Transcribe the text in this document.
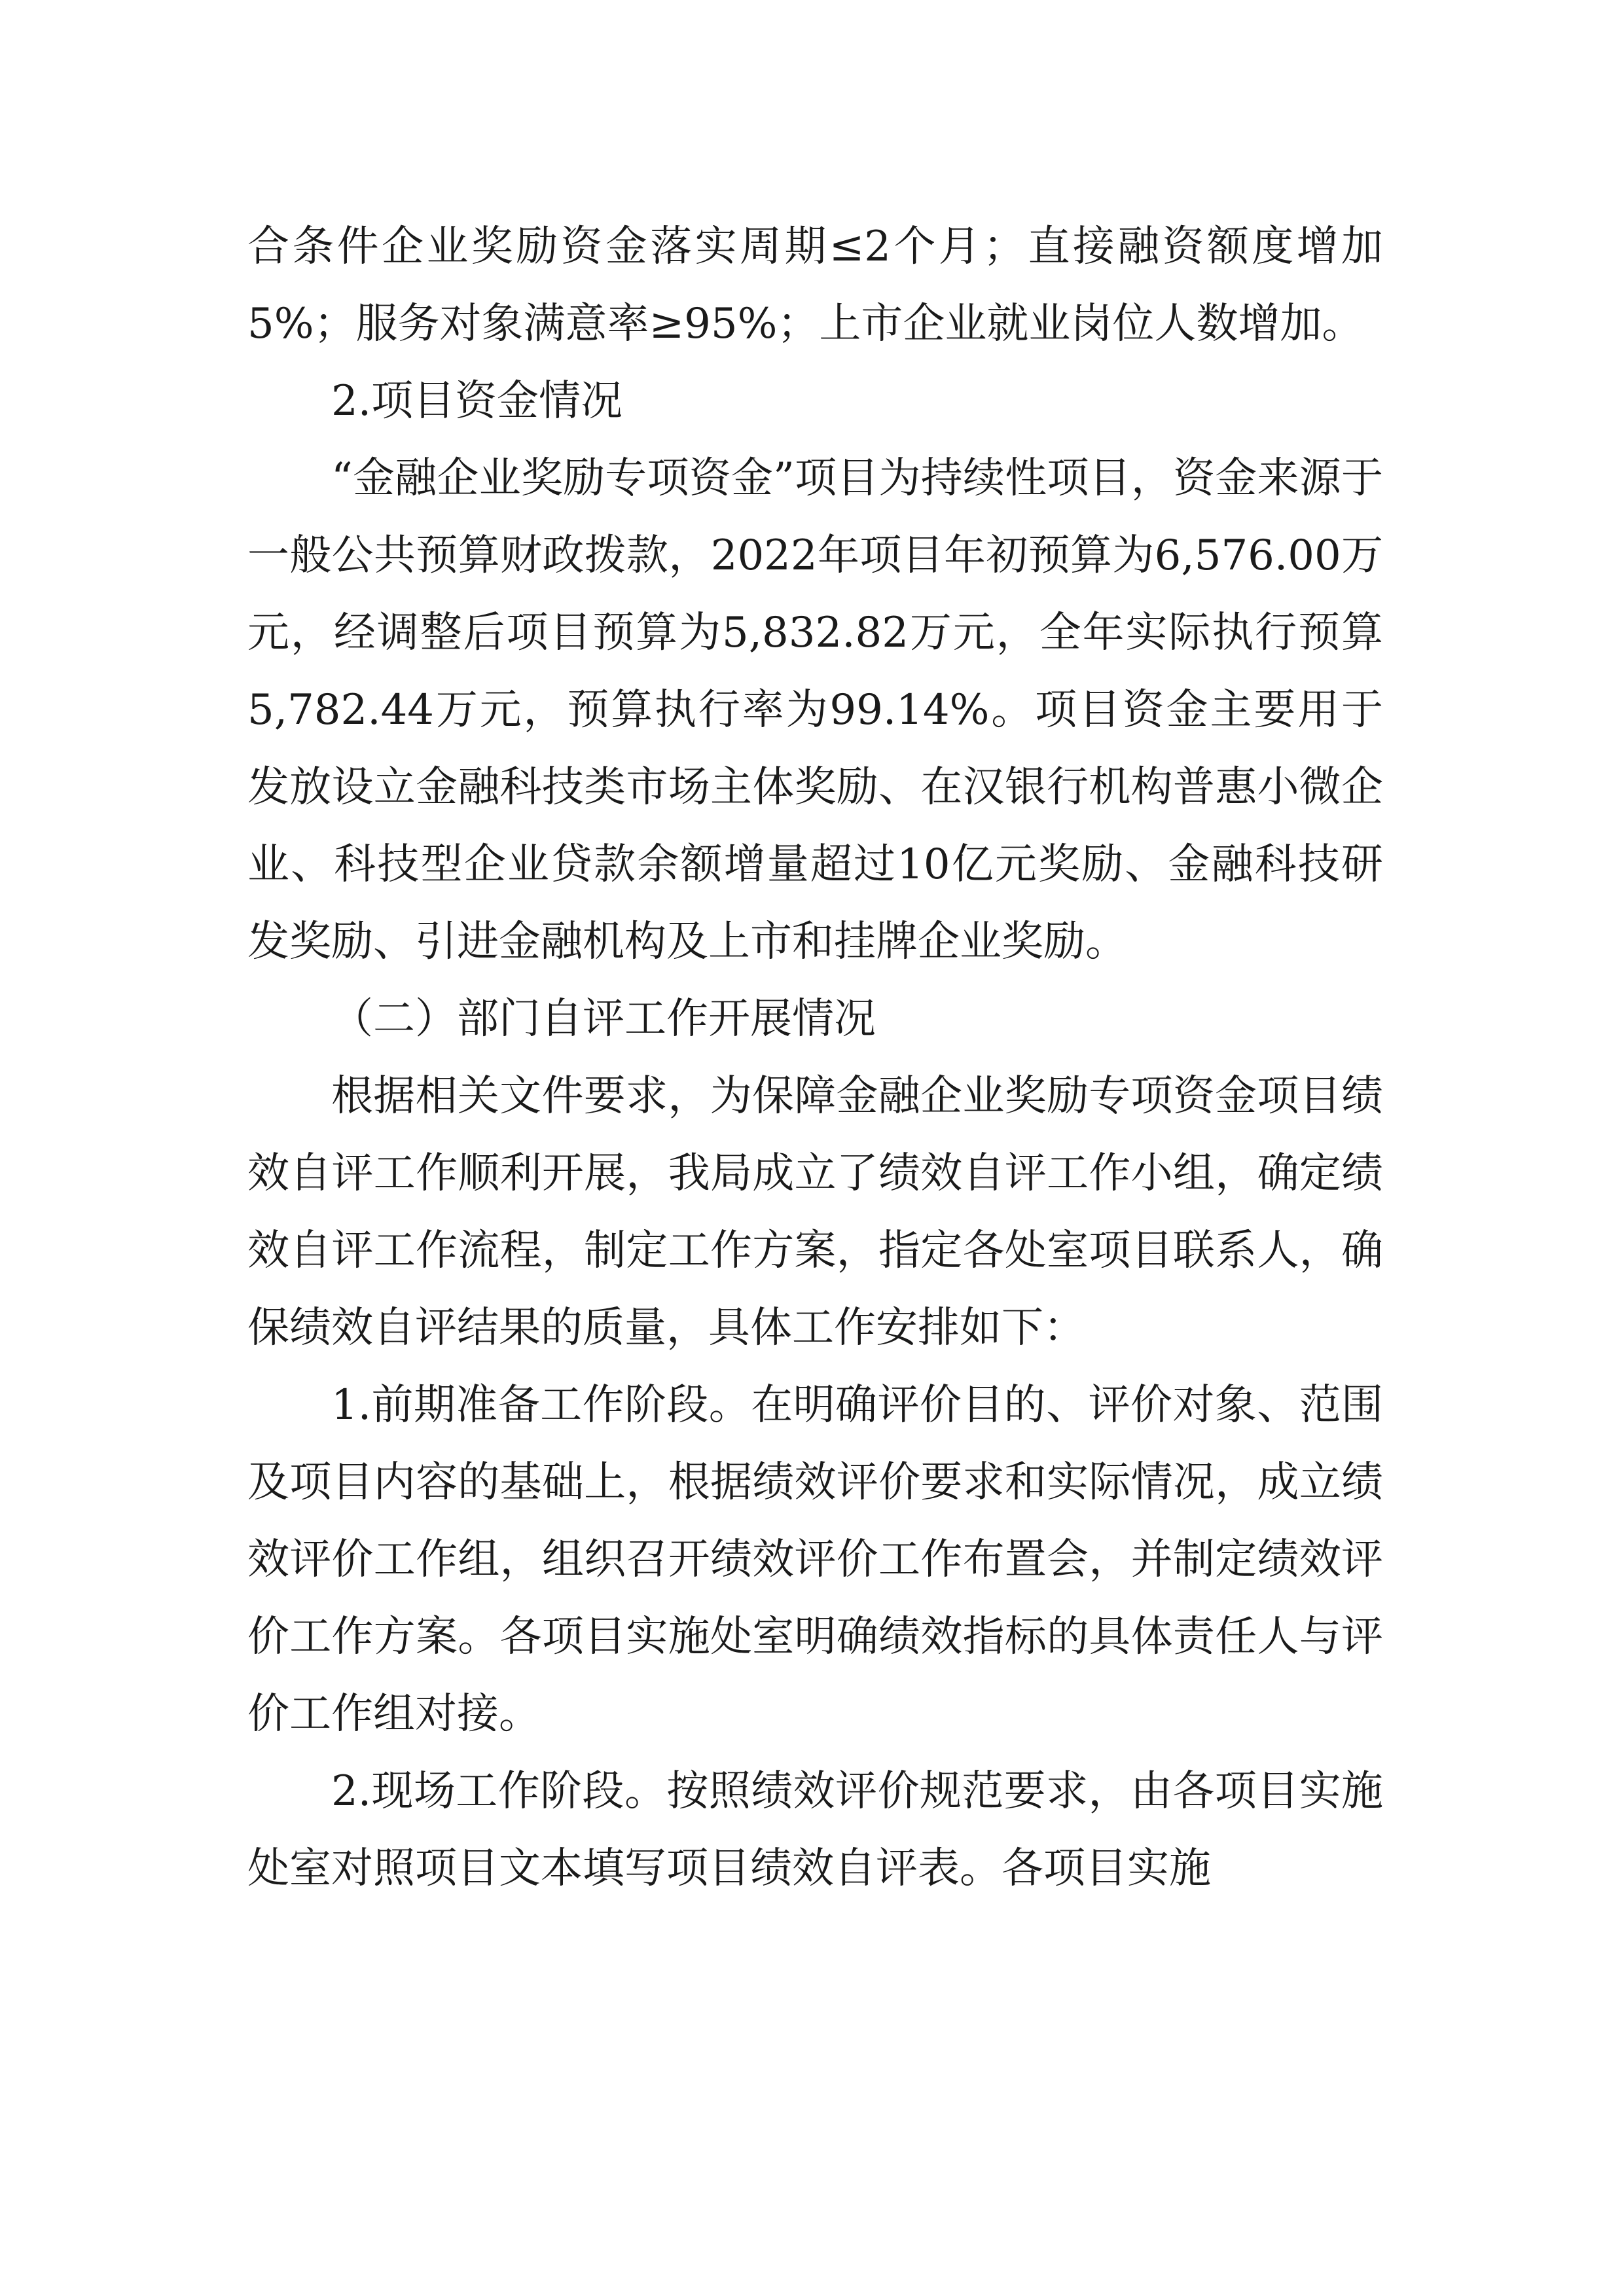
合条件企业奖励资金落实周期≤2个月；直接融资额度增加5%；服务对象满意率≥95%；上市企业就业岗位人数增加。

2.项目资金情况

“金融企业奖励专项资金”项目为持续性项目，资金来源于一般公共预算财政拨款，2022年项目年初预算为6,576.00万元，经调整后项目预算为5,832.82万元，全年实际执行预算5,782.44万元，预算执行率为99.14%。项目资金主要用于发放设立金融科技类市场主体奖励、在汉银行机构普惠小微企业、科技型企业贷款余额增量超过10亿元奖励、金融科技研发奖励、引进金融机构及上市和挂牌企业奖励。

（二）部门自评工作开展情况

根据相关文件要求，为保障金融企业奖励专项资金项目绩效自评工作顺利开展，我局成立了绩效自评工作小组，确定绩效自评工作流程，制定工作方案，指定各处室项目联系人，确保绩效自评结果的质量，具体工作安排如下：

1.前期准备工作阶段。在明确评价目的、评价对象、范围及项目内容的基础上，根据绩效评价要求和实际情况，成立绩效评价工作组，组织召开绩效评价工作布置会，并制定绩效评价工作方案。各项目实施处室明确绩效指标的具体责任人与评价工作组对接。

2.现场工作阶段。按照绩效评价规范要求，由各项目实施处室对照项目文本填写项目绩效自评表。各项目实施
